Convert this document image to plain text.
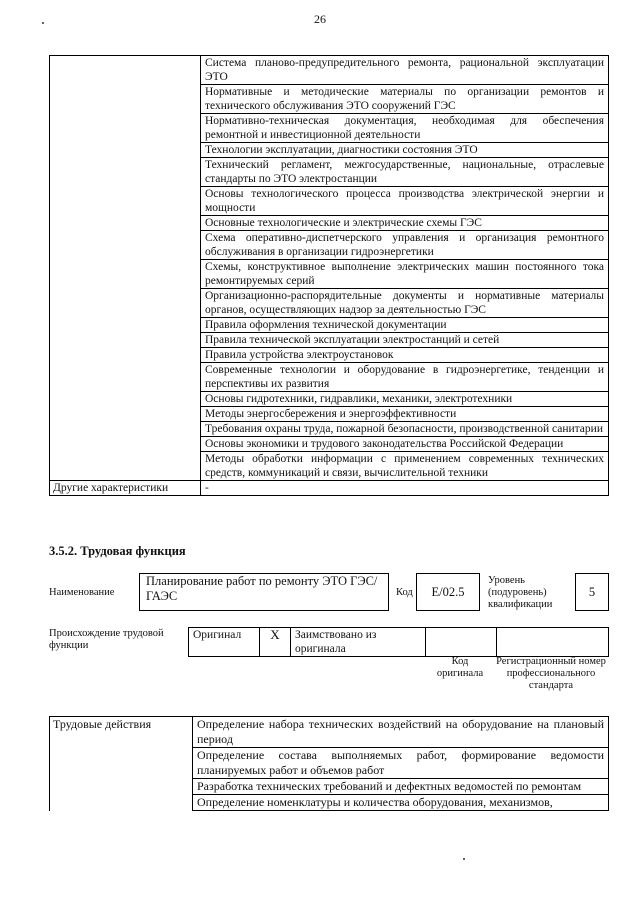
26
	Система планово-предупредительного ремонта, рациональной эксплуатации ЭТО
	Нормативные и методические материалы по организации ремонтов и технического обслуживания ЭТО сооружений ГЭС
	Нормативно-техническая документация, необходимая для обеспечения ремонтной и инвестиционной деятельности
	Технологии эксплуатации, диагностики состояния ЭТО
	Технический регламент, межгосударственные, национальные, отраслевые стандарты по ЭТО электростанции
	Основы технологического процесса производства электрической энергии и мощности
	Основные технологические и электрические схемы ГЭС
	Схема оперативно-диспетчерского управления и организация ремонтного обслуживания в организации гидроэнергетики
	Схемы, конструктивное выполнение электрических машин постоянного тока ремонтируемых серий
	Организационно-распорядительные документы и нормативные материалы органов, осуществляющих надзор за деятельностью ГЭС
	Правила оформления технической документации
	Правила технической эксплуатации электростанций и сетей
	Правила устройства электроустановок
	Современные технологии и оборудование в гидроэнергетике, тенденции и перспективы их развития
	Основы гидротехники, гидравлики, механики, электротехники
	Методы энергосбережения и энергоэффективности
	Требования охраны труда, пожарной безопасности, производственной санитарии
	Основы экономики и трудового законодательства Российской Федерации
	Методы обработки информации с применением современных технических средств, коммуникаций и связи, вычислительной техники
Другие характеристики	-
3.5.2. Трудовая функция
Наименование
Планирование работ по ремонту ЭТО ГЭС/ГАЭС	Код	Е/02.5
Уровень (подуровень) квалификации
5
Происхождение трудовой функции
Оригинал	X	Заимствовано из оригинала		
Код оригинала
Регистрационный номер профессионального стандарта
Трудовые действия	Определение набора технических воздействий на оборудование на плановый период
	Определение состава выполняемых работ, формирование ведомости планируемых работ и объемов работ
	Разработка технических требований и дефектных ведомостей по ремонтам
	Определение номенклатуры и количества оборудования, механизмов,
